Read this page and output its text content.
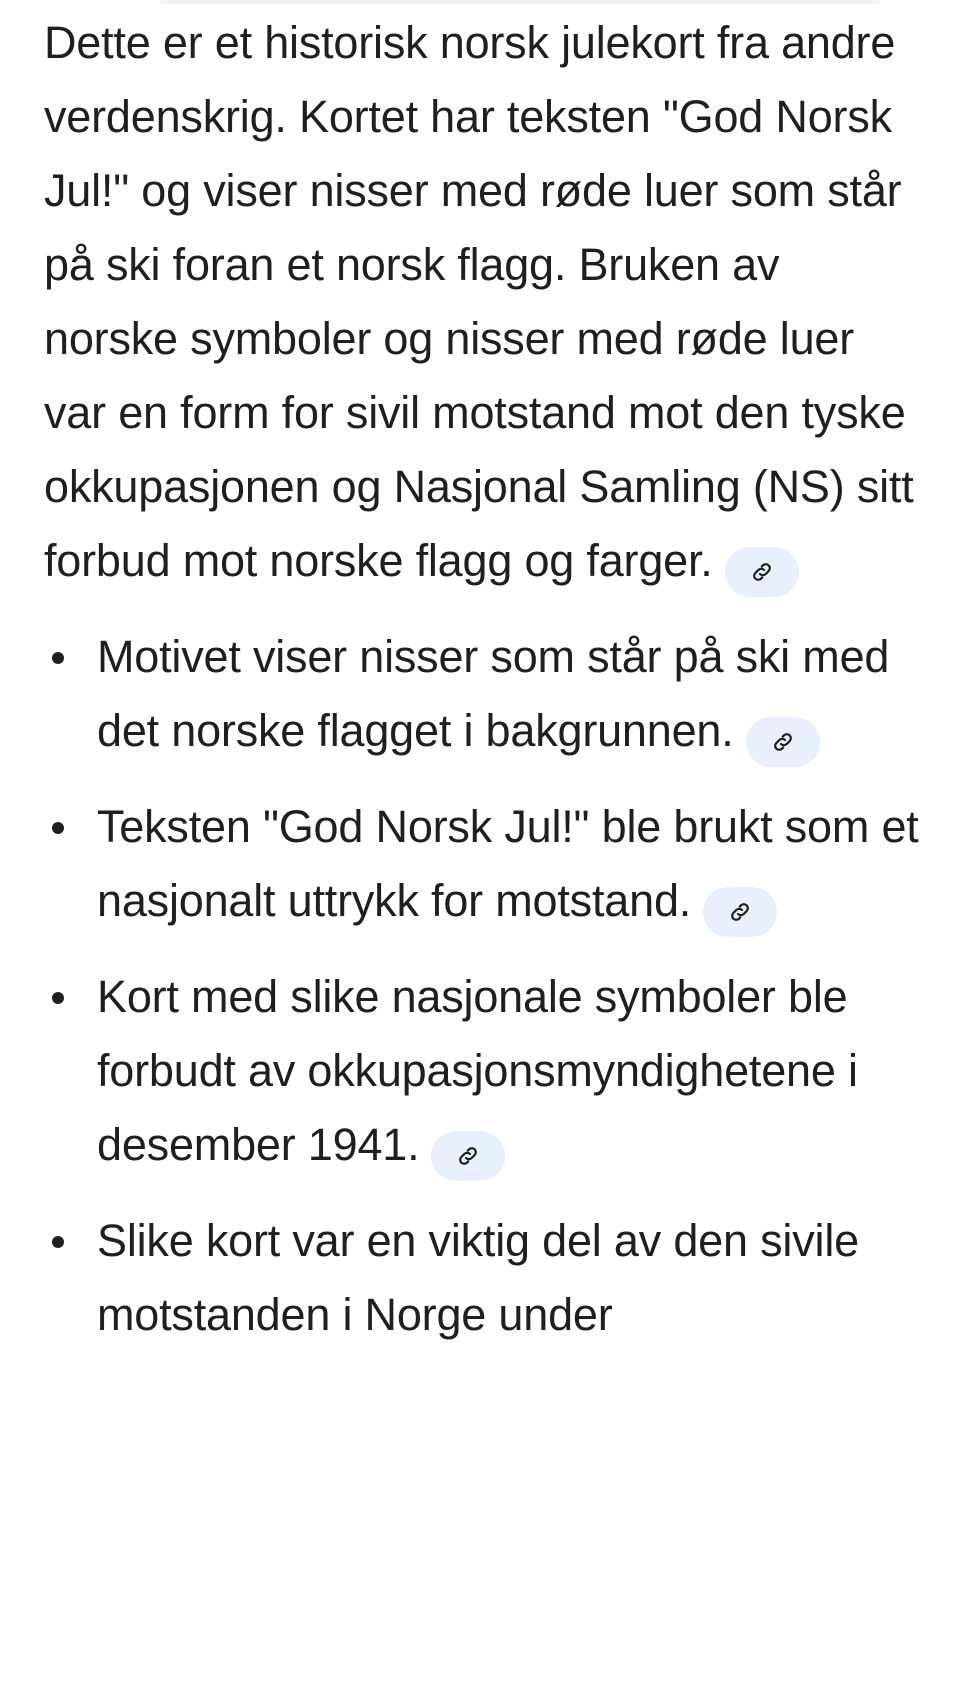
Dette er et historisk norsk julekort fra andre verdenskrig. Kortet har teksten "God Norsk Jul!" og viser nisser med røde luer som står på ski foran et norsk flagg. Bruken av norske symboler og nisser med røde luer var en form for sivil motstand mot den tyske okkupasjonen og Nasjonal Samling (NS) sitt forbud mot norske flagg og farger.

Motivet viser nisser som står på ski med det norske flagget i bakgrunnen.
Teksten "God Norsk Jul!" ble brukt som et nasjonalt uttrykk for motstand.
Kort med slike nasjonale symboler ble forbudt av okkupasjonsmyndighetene i desember 1941.
Slike kort var en viktig del av den sivile motstanden i Norge under
